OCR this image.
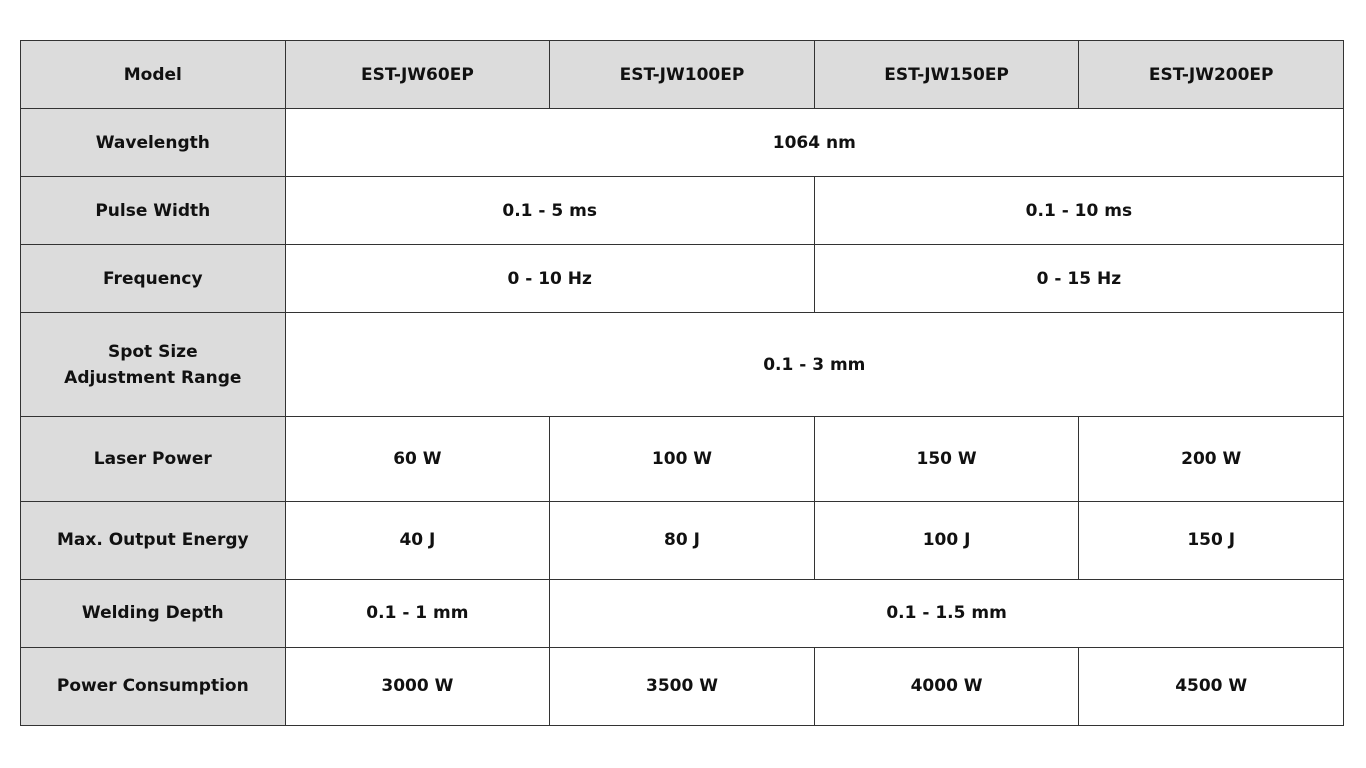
Model	EST-JW60EP	EST-JW100EP	EST-JW150EP	EST-JW200EP
Wavelength	1064 nm			
Pulse Width	0.1 - 5 ms		0.1 - 10 ms	
Frequency	0 - 10 Hz		0 - 15 Hz	

Spot Size
Adjustment Range	0.1 - 3 mm			
Laser Power	60 W	100 W	150 W	200 W
Max. Output Energy	40 J	80 J	100 J	150 J
Welding Depth	0.1 - 1 mm	0.1 - 1.5 mm		
Power Consumption	3000 W	3500 W	4000 W	4500 W
